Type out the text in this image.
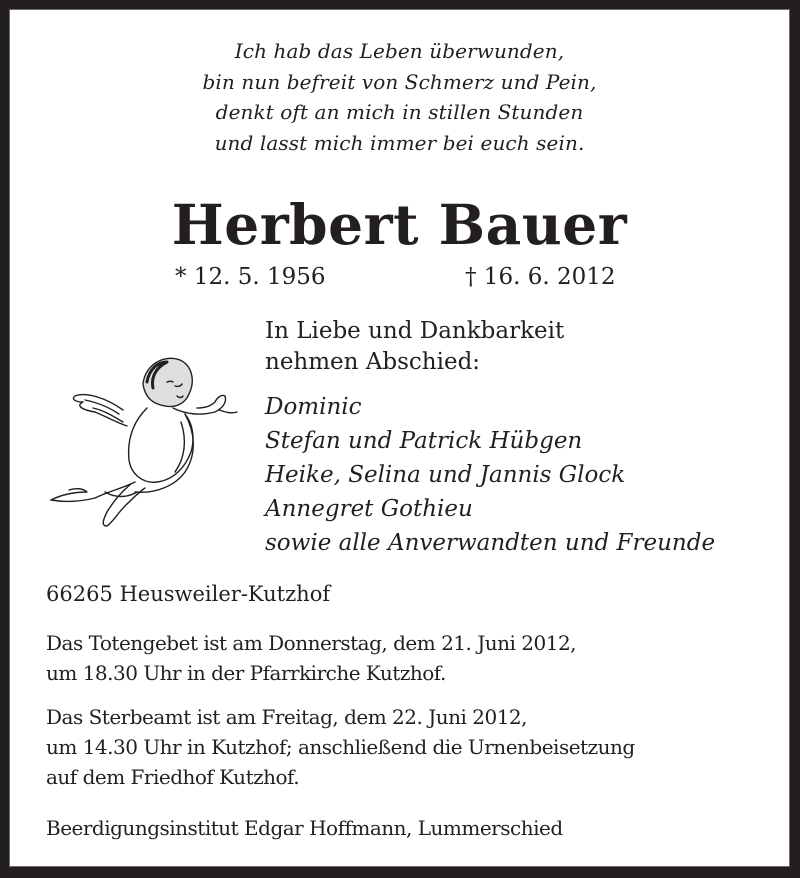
Ich hab das Leben überwunden,
bin nun befreit von Schmerz und Pein,
denkt oft an mich in stillen Stunden
und lasst mich immer bei euch sein.
Herbert Bauer
* 12. 5. 1956	† 16. 6. 2012
In Liebe und Dankbarkeit
nehmen Abschied:
Dominic
Stefan und Patrick Hübgen
Heike, Selina und Jannis Glock
Annegret Gothieu
sowie alle Anverwandten und Freunde
66265 Heusweiler-Kutzhof
Das Totengebet ist am Donnerstag, dem 21. Juni 2012,
um 18.30 Uhr in der Pfarrkirche Kutzhof.
Das Sterbeamt ist am Freitag, dem 22. Juni 2012,
um 14.30 Uhr in Kutzhof; anschließend die Urnenbeisetzung
auf dem Friedhof Kutzhof.
Beerdigungsinstitut Edgar Hoffmann, Lummerschied
